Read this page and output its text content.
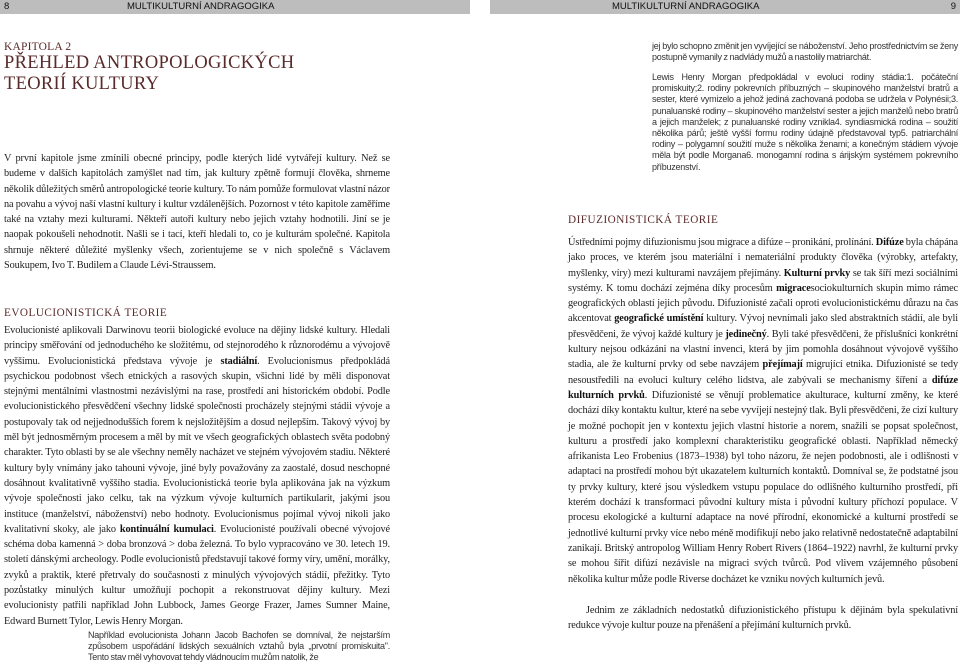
8	MULTIKULTURNÍ ANDRAGOGIKA	MULTIKULTURNÍ ANDRAGOGIKA	9
KAPITOLA 2
PŘEHLED ANTROPOLOGICKÝCH TEORIÍ KULTURY
V první kapitole jsme zmínili obecné principy, podle kterých lidé vytvářejí kultury. Než se budeme v dalších kapitolách zamýšlet nad tím, jak kultury zpětně formují člověka, shrneme několik důležitých směrů antropologické teorie kultury. To nám pomůže formulovat vlastní názor na povahu a vývoj naší vlastní kultury i kultur vzdálenějších. Pozornost v této kapitole zaměříme také na vztahy mezi kulturami. Někteří autoři kultury nebo jejich vztahy hodnotili. Jiní se je naopak pokoušeli nehodnotit. Našli se i tací, kteří hledali to, co je kulturám společné. Kapitola shrnuje některé důležité myšlenky všech, zorientujeme se v nich společně s Václavem Soukupem, Ivo T. Budilem a Claude Lévi-Straussem.
EVOLUCIONISTICKÁ TEORIE
Evolucionisté aplikovali Darwinovu teorii biologické evoluce na dějiny lidské kultury. Hledali principy směřování od jednoduchého ke složitému, od stejnorodého k různorodému a vývojově vyššímu. Evolucionistická představa vývoje je stadiální. Evolucionismus předpokládá psychickou podobnost všech etnických a rasových skupin, všichni lidé by měli disponovat stejnými mentálními vlastnostmi nezávislými na rase, prostředí ani historickém období. Podle evolucionistického přesvědčení všechny lidské společnosti procházely stejnými stádii vývoje a postupovaly tak od nejjednodušších forem k nejsložitějším a dosud nejlepším. Takový vývoj by měl být jednosměrným procesem a měl by mít ve všech geografických oblastech světa podobný charakter. Tyto oblasti by se ale všechny neměly nacházet ve stejném vývojovém stadiu. Některé kultury byly vnímány jako tahouni vývoje, jiné byly považovány za zaostalé, dosud neschopné dosáhnout kvalitativně vyššího stadia. Evolucionistická teorie byla aplikována jak na výzkum vývoje společnosti jako celku, tak na výzkum vývoje kulturních partikularit, jakými jsou instituce (manželství, náboženství) nebo hodnoty. Evolucionismus pojímal vývoj nikoli jako kvalitativní skoky, ale jako kontinuální kumulaci. Evolucionisté používali obecné vývojové schéma doba kamenná > doba bronzová > doba železná. To bylo vypracováno ve 30. letech 19. století dánskými archeology. Podle evolucionistů představují takové formy víry, umění, morálky, zvyků a praktik, které přetrvaly do současnosti z minulých vývojových stádií, přežitky. Tyto pozůstatky minulých kultur umožňují pochopit a rekonstruovat dějiny kultury. Mezi evolucionisty patřili například John Lubbock, James George Frazer, James Sumner Maine, Edward Burnett Tylor, Lewis Henry Morgan.
Například evolucionista Johann Jacob Bachofen se domníval, že nejstarším způsobem uspořádání lidských sexuálních vztahů byla „prvotní promiskuita". Tento stav měl vyhovovat tehdy vládnoucím mužům natolik, že
jej bylo schopno změnit jen vyvíjející se náboženství. Jeho prostřednictvím se ženy postupně vymanily z nadvlády mužů a nastolily matriarchát.
Lewis Henry Morgan předpokládal v evoluci rodiny stádia:1. počáteční promiskuity;2. rodiny pokrevních příbuzných – skupinového manželství bratrů a sester, které vymizelo a jehož jediná zachovaná podoba se udržela v Polynésii;3. punaluanské rodiny – skupinového manželství sester a jejich manželů nebo bratrů a jejich manželek; z punaluanské rodiny vznikla4. syndiasmická rodina – soužití několika párů; ještě vyšší formu rodiny údajně představoval typ5. patriarchální rodiny – polygamní soužití muže s několika ženami; a konečným stádiem vývoje měla být podle Morgana6. monogamní rodina s árijským systémem pokrevního příbuzenství.
DIFUZIONISTICKÁ TEORIE
Ústředními pojmy difuzionismu jsou migrace a difúze – pronikání, prolínání. Difúze byla chápána jako proces, ve kterém jsou materiální i nemateriální produkty člověka (výrobky, artefakty, myšlenky, víry) mezi kulturami navzájem přejímány. Kulturní prvky se tak šíří mezi sociálními systémy. K tomu dochází zejména díky procesům migracesociokulturních skupin mimo rámec geografických oblastí jejich původu. Difuzionisté začali oproti evolucionistickému důrazu na čas akcentovat geografické umístění kultury. Vývoj nevnímali jako sled abstraktních stádií, ale byli přesvědčeni, že vývoj každé kultury je jedinečný. Byli také přesvědčeni, že příslušníci konkrétní kultury nejsou odkázáni na vlastní invenci, která by jim pomohla dosáhnout vývojově vyššího stadia, ale že kulturní prvky od sebe navzájem přejímají migrující etnika. Difuzionisté se tedy nesoustředili na evoluci kultury celého lidstva, ale zabývali se mechanismy šíření a difúze kulturních prvků. Difuzionisté se věnují problematice akulturace, kulturní změny, ke které dochází díky kontaktu kultur, které na sebe vyvíjejí nestejný tlak. Byli přesvědčeni, že cizí kultury je možné pochopit jen v kontextu jejich vlastní historie a norem, snažili se popsat společnost, kulturu a prostředí jako komplexní charakteristiku geografické oblasti. Například německý afrikanista Leo Frobenius (1873–1938) byl toho názoru, že nejen podobnosti, ale i odlišnosti v adaptaci na prostředí mohou být ukazatelem kulturních kontaktů. Domníval se, že podstatné jsou ty prvky kultury, které jsou výsledkem vstupu populace do odlišného kulturního prostředí, při kterém dochází k transformaci původní kultury místa i původní kultury příchozí populace. V procesu ekologické a kulturní adaptace na nové přírodní, ekonomické a kulturní prostředí se jednotlivé kulturní prvky více nebo méně modifikují nebo jako relativně nedostatečně adaptabilní zanikají. Britský antropolog William Henry Robert Rivers (1864–1922) navrhl, že kulturní prvky se mohou šířit difúzí nezávisle na migraci svých tvůrců. Pod vlivem vzájemného působení několika kultur může podle Riverse docházet ke vzniku nových kulturních jevů.
Jednim ze základních nedostatků difuzionistického přístupu k dějinám byla spekulativní redukce vývoje kultur pouze na přenášení a přejímání kulturních prvků.
